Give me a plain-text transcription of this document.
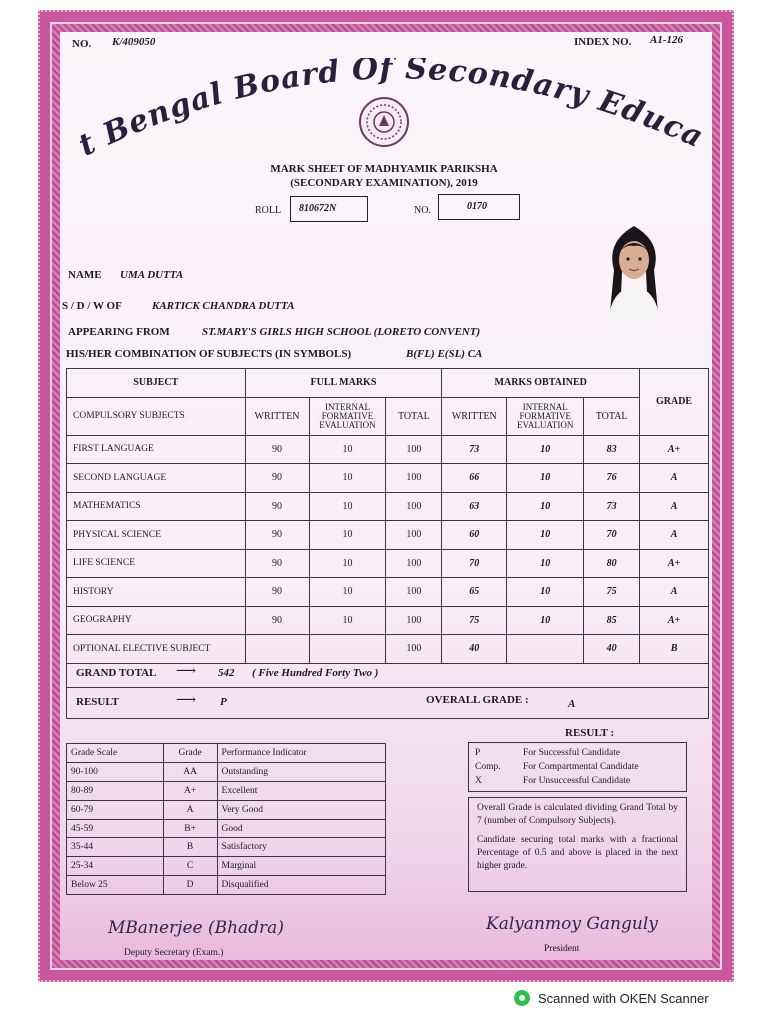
NO. K/409050	INDEX NO. A1-126
t Bengal Board Of Secondary Educa
MARK SHEET OF MADHYAMIK PARIKSHA
(SECONDARY EXAMINATION), 2019
ROLL	810672N	NO.	0170
NAME UMA DUTTA
S / D / W OF	KARTICK CHANDRA DUTTA
APPEARING FROM	ST.MARY'S GIRLS HIGH SCHOOL (LORETO CONVENT)
HIS/HER COMBINATION OF SUBJECTS (IN SYMBOLS)	B(FL) E(SL) CA
SUBJECT	FULL MARKS			MARKS OBTAINED			GRADE
COMPULSORY SUBJECTS	WRITTEN	INTERNAL FORMATIVE EVALUATION	TOTAL	WRITTEN	INTERNAL FORMATIVE EVALUATION	TOTAL	
FIRST LANGUAGE	90	10	100	73	10	83	A+
SECOND LANGUAGE	90	10	100	66	10	76	A
MATHEMATICS	90	10	100	63	10	73	A
PHYSICAL SCIENCE	90	10	100	60	10	70	A
LIFE SCIENCE	90	10	100	70	10	80	A+
HISTORY	90	10	100	65	10	75	A
GEOGRAPHY	90	10	100	75	10	85	A+
OPTIONAL ELECTIVE SUBJECT			100	40		40	B
GRAND TOTAL ⟶ 542 ( Five Hundred Forty Two )
RESULT	⟶ P	OVERALL GRADE :	A
Grade Scale	Grade	Performance Indicator
90-100	AA	Outstanding
80-89	A+	Excellent
60-79	A	Very Good
45-59	B+	Good
35-44	B	Satisfactory
25-34	C	Marginal
Below 25	D	Disqualified
RESULT :
P	For Successful Candidate
Comp. For Compartmental Candidate
X	For Unsuccessful Candidate

Overall Grade is calculated dividing Grand Total by 7 (number of Compulsory Subjects).

Candidate securing total marks with a fractional Percentage of 0.5 and above is placed in the next higher grade.

MBanerjee (Bhadra)
Deputy Secretary (Exam.)
Kalyanmoy Ganguly
President
Scanned with OKEN Scanner
